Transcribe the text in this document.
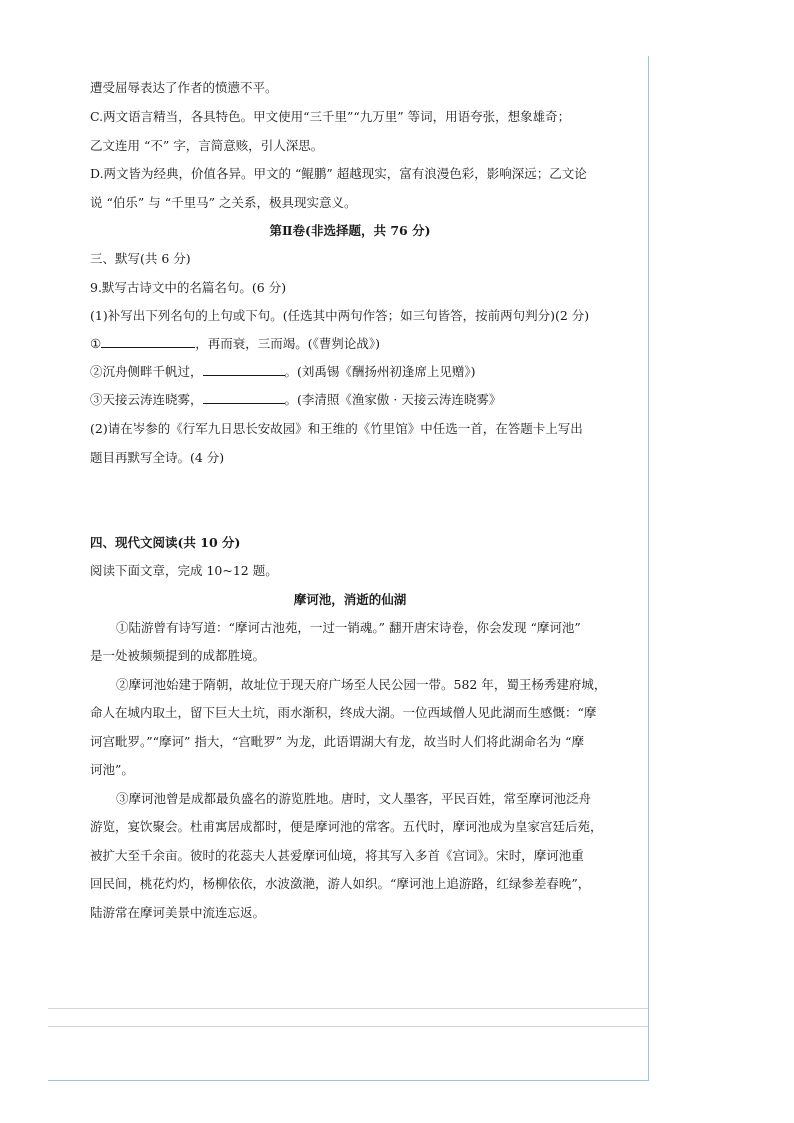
遭受屈辱表达了作者的愤懑不平。
C.两文语言精当，各具特色。甲文使用“三千里”“九万里” 等词，用语夸张，想象雄奇；
乙文连用 “不” 字，言简意赅，引人深思。
D.两文皆为经典，价值各异。甲文的 “鲲鹏” 超越现实，富有浪漫色彩，影响深远；乙文论
说 “伯乐” 与 “千里马” 之关系，极具现实意义。
第Ⅱ卷(非选择题，共 76 分)
三、默写(共 6 分)
9.默写古诗文中的名篇名句。(6 分)
(1)补写出下列名句的上句或下句。(任选其中两句作答；如三句皆答，按前两句判分)(2 分)
①	，再而衰，三而竭。(《曹刿论战》)
②沉舟侧畔千帆过，	。(刘禹锡《酬扬州初逢席上见赠》)
③天接云涛连晓雾，	。(李清照《渔家傲 · 天接云涛连晓雾》
(2)请在岑参的《行军九日思长安故园》和王维的《竹里馆》中任选一首，在答题卡上写出
题目再默写全诗。(4 分)
四、现代文阅读(共 10 分)
阅读下面文章，完成 10~12 题。
摩诃池，消逝的仙湖
①陆游曾有诗写道：“摩诃古池苑，一过一销魂。” 翻开唐宋诗卷，你会发现 “摩诃池”
是一处被频频提到的成都胜境。
②摩诃池始建于隋朝，故址位于现天府广场至人民公园一带。582 年，蜀王杨秀建府城，
命人在城内取土，留下巨大土坑，雨水渐积，终成大湖。一位西域僧人见此湖而生感慨：“摩
诃宫毗罗。”“摩诃” 指大，“宫毗罗” 为龙，此语谓湖大有龙，故当时人们将此湖命名为 “摩
诃池”。
③摩诃池曾是成都最负盛名的游览胜地。唐时，文人墨客，平民百姓，常至摩诃池泛舟
游览，宴饮聚会。杜甫寓居成都时，便是摩诃池的常客。五代时，摩诃池成为皇家宫廷后苑，
被扩大至千余亩。彼时的花蕊夫人甚爱摩诃仙境，将其写入多首《宫词》。宋时，摩诃池重
回民间，桃花灼灼，杨柳依依，水波潋滟，游人如织。“摩诃池上追游路，红绿参差春晚”，
陆游常在摩诃美景中流连忘返。
